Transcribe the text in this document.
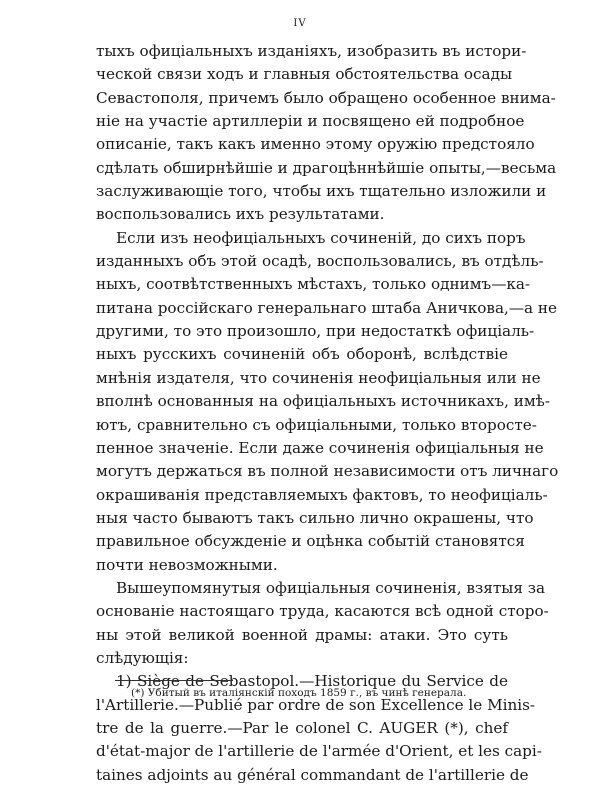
IV
тыхъ офиціальныхъ изданіяхъ, изобразить въ истори-
ческой связи ходъ и главныя обстоятельства осады
Севастополя, причемъ было обращено особенное внима-
ніе на участіе артиллеріи и посвящено ей подробное
описаніе, такъ какъ именно этому оружію предстояло
сдѣлать обширнѣйшіе и драгоцѣннѣйшіе опыты,—весьма
заслуживающіе того, чтобы ихъ тщательно изложили и
воспользовались ихъ результатами.
Если изъ неофиціальныхъ сочиненій, до сихъ поръ
изданныхъ объ этой осадѣ, воспользовались, въ отдѣль-
ныхъ, соотвѣтственныхъ мѣстахъ, только однимъ—ка-
питана россійскаго генеральнаго штаба Аничкова,—а не
другими, то это произошло, при недостаткѣ офиціаль-
ныхъ русскихъ сочиненій объ оборонѣ, вслѣдствіе
мнѣнія издателя, что сочиненія неофиціальныя или не
вполнѣ основанныя на офиціальныхъ источникахъ, имѣ-
ютъ, сравнительно съ офиціальными, только второсте-
пенное значеніе. Если даже сочиненія офиціальныя не
могутъ держаться въ полной независимости отъ личнаго
окрашиванія представляемыхъ фактовъ, то неофиціаль-
ныя часто бываютъ такъ сильно лично окрашены, что
правильное обсужденіе и оцѣнка событій становятся
почти невозможными.
Вышеупомянутыя офиціальныя сочиненія, взятыя за
основаніе настоящаго труда, касаются всѣ одной сторо-
ны этой великой военной драмы: атаки. Это суть
слѣдующія:
1) Siège de Sebastopol.—Historique du Service de
l'Artillerie.—Publié par ordre de son Excellence le Minis-
tre de la guerre.—Par le colonel C. AUGER (*), chef
d'état-major de l'artillerie de l'armée d'Orient, et les capi-
taines adjoints au général commandant de l'artillerie de
(*) Убитый въ италіянскій походъ 1859 г., въ чинѣ генерала.
